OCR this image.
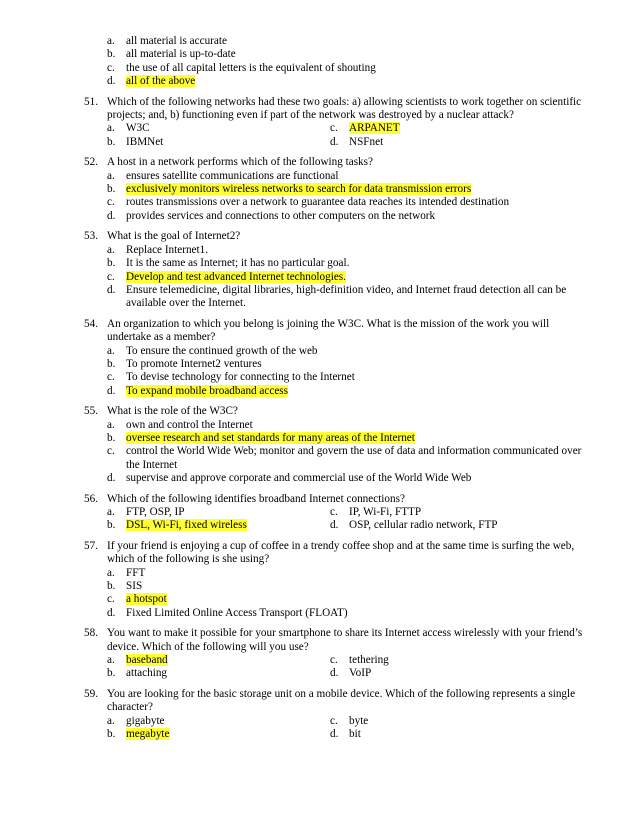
a.	all material is accurate
b. all material is up-to-date
c.	the use of all capital letters is the equivalent of shouting
d. all of the above
51. Which of the following networks had these two goals: a) allowing scientists to work together on scientific projects; and, b) functioning even if part of the network was destroyed by a nuclear attack?
a.	W3C	c.	ARPANET
b. IBMNet	d. NSFnet
52. A host in a network performs which of the following tasks?
a.	ensures satellite communications are functional
b. exclusively monitors wireless networks to search for data transmission errors
c.	routes transmissions over a network to guarantee data reaches its intended destination
d. provides services and connections to other computers on the network
53. What is the goal of Internet2?
a.	Replace Internet1.
b. It is the same as Internet; it has no particular goal.
c.	Develop and test advanced Internet technologies.
d. Ensure telemedicine, digital libraries, high-definition video, and Internet fraud detection all can be available over the Internet.
54. An organization to which you belong is joining the W3C. What is the mission of the work you will undertake as a member?
a.	To ensure the continued growth of the web
b. To promote Internet2 ventures
c.	To devise technology for connecting to the Internet
d. To expand mobile broadband access
55. What is the role of the W3C?
a.	own and control the Internet
b. oversee research and set standards for many areas of the Internet
c.	control the World Wide Web; monitor and govern the use of data and information communicated over the Internet
d. supervise and approve corporate and commercial use of the World Wide Web
56. Which of the following identifies broadband Internet connections?
a.	FTP, OSP, IP	c.	IP, Wi-Fi, FTTP
b. DSL, Wi-Fi, fixed wireless	d. OSP, cellular radio network, FTP
57. If your friend is enjoying a cup of coffee in a trendy coffee shop and at the same time is surfing the web, which of the following is she using?
a.	FFT
b. SIS
c.	a hotspot
d. Fixed Limited Online Access Transport (FLOAT)
58. You want to make it possible for your smartphone to share its Internet access wirelessly with your friend’s device. Which of the following will you use?
a.	baseband	c.	tethering
b. attaching	d. VoIP
59. You are looking for the basic storage unit on a mobile device. Which of the following represents a single character?
a.	gigabyte	c.	byte
b. megabyte	d. bit
